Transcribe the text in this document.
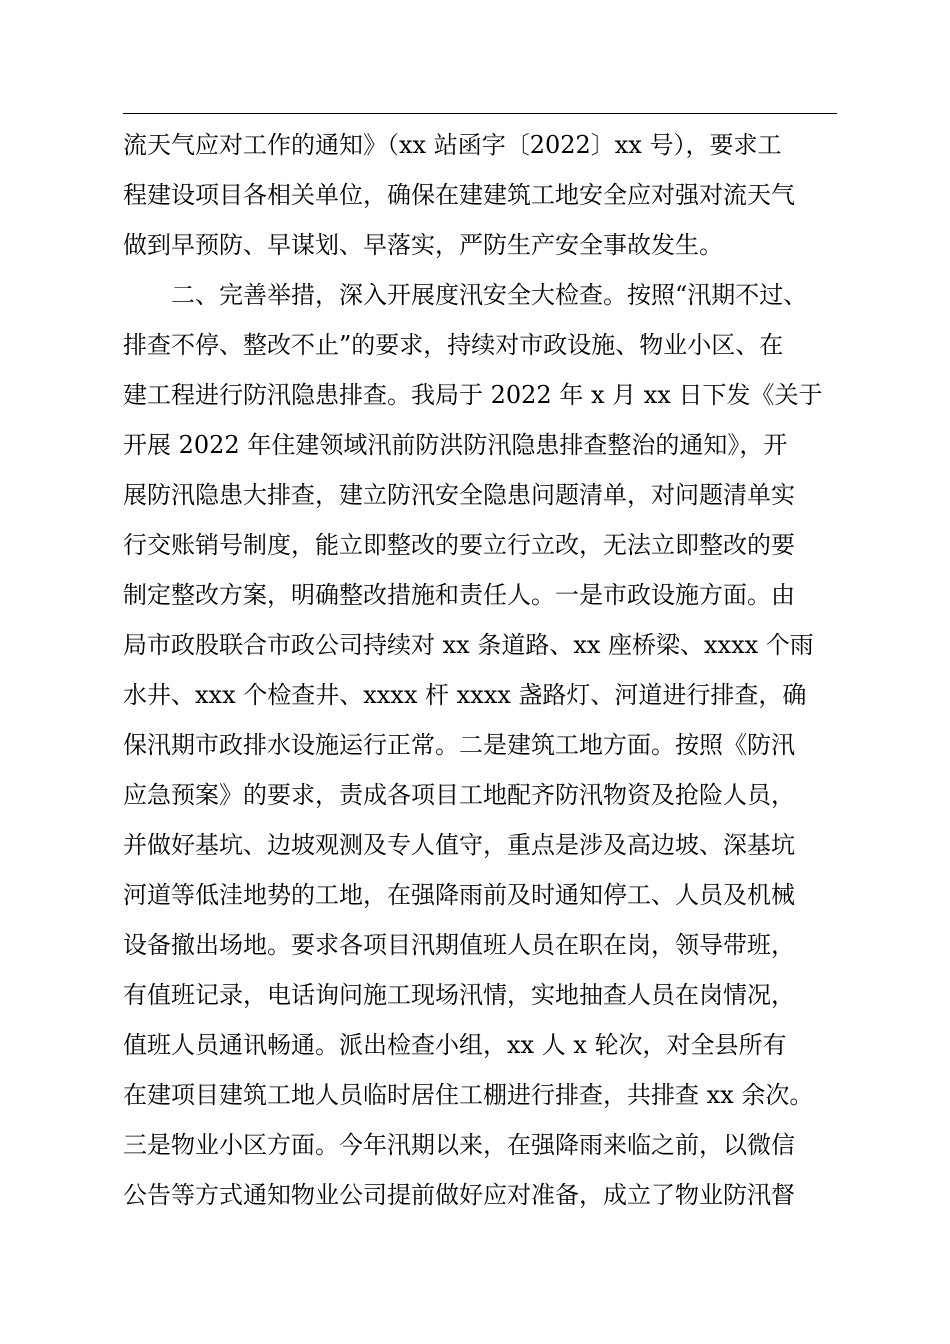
流天气应对工作的通知》（xx 站函字〔2022〕xx 号），要求工
程建设项目各相关单位，确保在建建筑工地安全应对强对流天气
做到早预防、早谋划、早落实，严防生产安全事故发生。
　　二、完善举措，深入开展度汛安全大检查。按照“汛期不过、
排查不停、整改不止”的要求，持续对市政设施、物业小区、在
建工程进行防汛隐患排查。我局于 2022 年 x 月 xx 日下发《关于
开展 2022 年住建领域汛前防洪防汛隐患排查整治的通知》，开
展防汛隐患大排查，建立防汛安全隐患问题清单，对问题清单实
行交账销号制度，能立即整改的要立行立改，无法立即整改的要
制定整改方案，明确整改措施和责任人。一是市政设施方面。由
局市政股联合市政公司持续对 xx 条道路、xx 座桥梁、xxxx 个雨
水井、xxx 个检查井、xxxx 杆 xxxx 盏路灯、河道进行排查，确
保汛期市政排水设施运行正常。二是建筑工地方面。按照《防汛
应急预案》的要求，责成各项目工地配齐防汛物资及抢险人员，
并做好基坑、边坡观测及专人值守，重点是涉及高边坡、深基坑
河道等低洼地势的工地，在强降雨前及时通知停工、人员及机械
设备撤出场地。要求各项目汛期值班人员在职在岗，领导带班，
有值班记录，电话询问施工现场汛情，实地抽查人员在岗情况，
值班人员通讯畅通。派出检查小组，xx 人 x 轮次，对全县所有
在建项目建筑工地人员临时居住工棚进行排查，共排查 xx 余次。
三是物业小区方面。今年汛期以来，在强降雨来临之前，以微信
公告等方式通知物业公司提前做好应对准备，成立了物业防汛督
